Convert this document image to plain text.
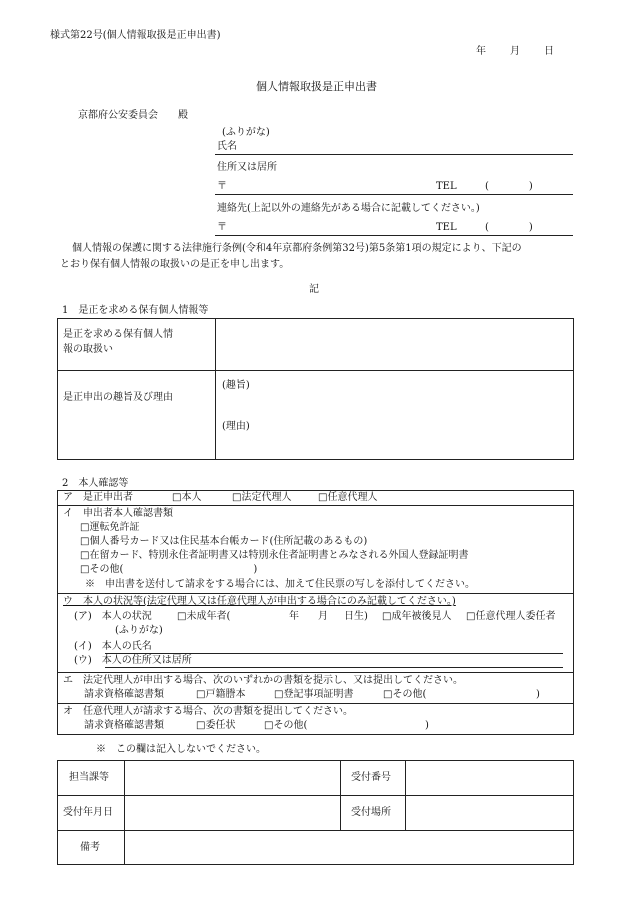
様式第22号(個人情報取扱是正申出書)
年 月 日
個人情報取扱是正申出書
京都府公安委員会 殿
(ふりがな)
氏名
住所又は居所
〒	TEL	(　　　　)
連絡先(上記以外の連絡先がある場合に記載してください。)
〒	TEL	(　　　　)
個人情報の保護に関する法律施行条例(令和4年京都府条例第32号)第5条第1項の規定により、下記の
とおり保有個人情報の取扱いの是正を申し出ます。
記
1　是正を求める保有個人情報等
是正を求める保有個人情
報の取扱い
是正申出の趣旨及び理由
(趣旨)
(理由)
2　本人確認等
ア　是正申出者	□本人	□法定代理人	□任意代理人
イ　申出者本人確認書類
□運転免許証
□個人番号カード又は住民基本台帳カード(住所記載のあるもの)
□在留カード、特別永住者証明書又は特別永住者証明書とみなされる外国人登録証明書
□その他(　　　　　　　　　　　　　)
※　申出書を送付して請求をする場合には、加えて住民票の写しを添付してください。
ウ　本人の状況等(法定代理人又は任意代理人が申出する場合にのみ記載してください。)
(ア)　本人の状況	□未成年者(	年 月 日生) □成年被後見人 □任意代理人委任者
(ふりがな)
(イ)　本人の氏名
(ウ)　本人の住所又は居所
エ　法定代理人が申出する場合、次のいずれかの書類を提示し、又は提出してください。
請求資格確認書類	□戸籍謄本	□登記事項証明書	□その他(	)
オ　任意代理人が請求する場合、次の書類を提出してください。
請求資格確認書類	□委任状	□その他(	)
※　この欄は記入しないでください。
担当課等	受付番号
受付年月日	受付場所
備考
